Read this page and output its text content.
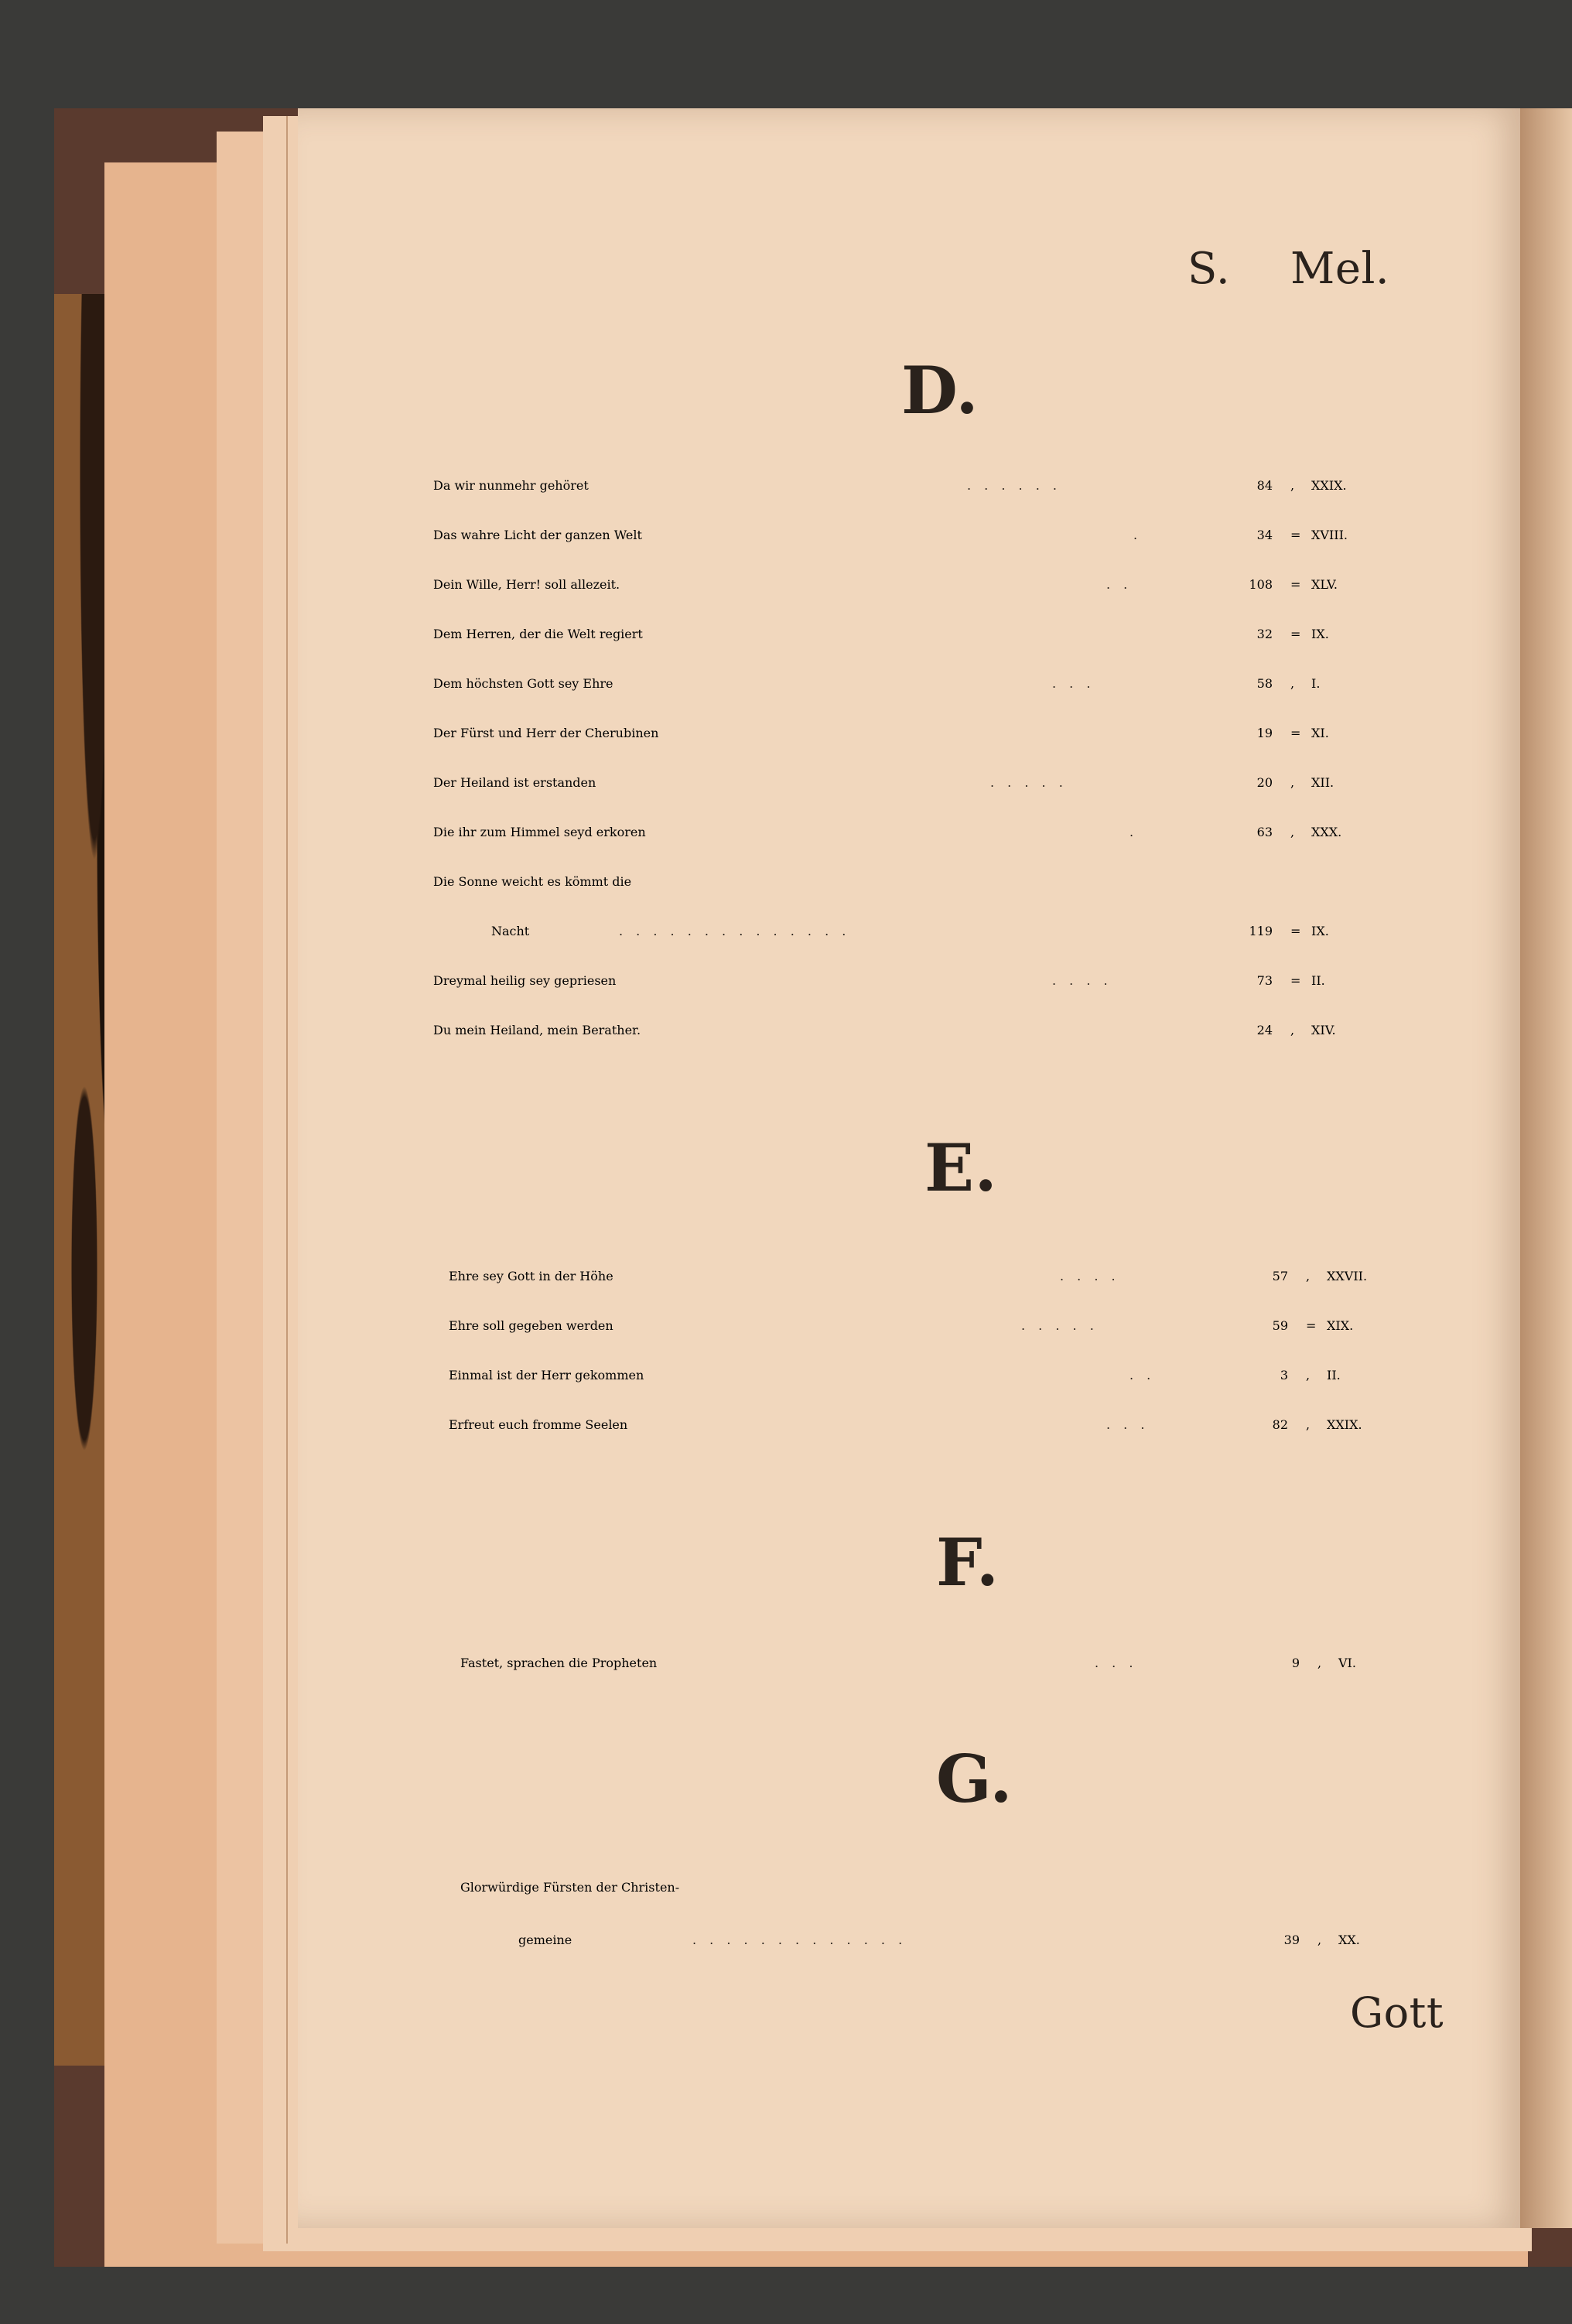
S. Mel.
D.
Da wir nunmehr gehöret	. . . . . .	84 , XXIX.
Das wahre Licht der ganzen Welt	.	34 = XVIII.
Dein Wille, Herr! soll allezeit.	. .	108 = XLV.
Dem Herren, der die Welt regiert	32 = IX.
Dem höchsten Gott sey Ehre	. . .	58 , I.
Der Fürst und Herr der Cherubinen	19 = XI.
Der Heiland ist erstanden	. . . . .	20 , XII.
Die ihr zum Himmel seyd erkoren	.	63 , XXX.
Die Sonne weicht es kömmt die
Nacht	. . . . . . . . . . . . . .	119 = IX.
Dreymal heilig sey gepriesen	. . . .	73 = II.
Du mein Heiland, mein Berather.	24 , XIV.
E.
Ehre sey Gott in der Höhe	. . . .	57 , XXVII.
Ehre soll gegeben werden	. . . . .	59 = XIX.
Einmal ist der Herr gekommen	. .	3 , II.
Erfreut euch fromme Seelen	. . .	82 , XXIX.
F.
Fastet, sprachen die Propheten	. . .	9 , VI.
G.
Glorwürdige Fürsten der Christen-
gemeine	. . . . . . . . . . . . .	39 , XX.
Gott
